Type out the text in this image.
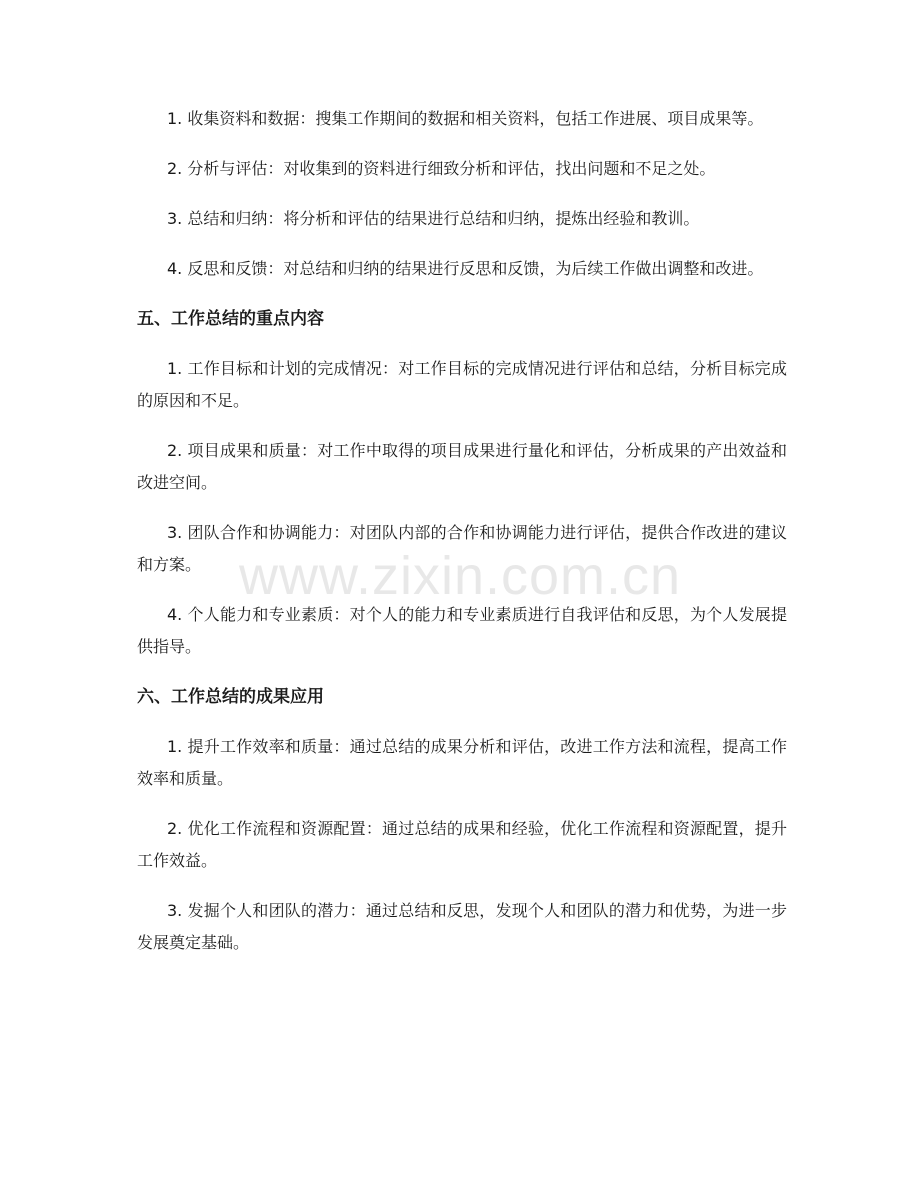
1. 收集资料和数据：搜集工作期间的数据和相关资料，包括工作进展、项目成果等。

2. 分析与评估：对收集到的资料进行细致分析和评估，找出问题和不足之处。

3. 总结和归纳：将分析和评估的结果进行总结和归纳，提炼出经验和教训。

4. 反思和反馈：对总结和归纳的结果进行反思和反馈，为后续工作做出调整和改进。

五、工作总结的重点内容

1. 工作目标和计划的完成情况：对工作目标的完成情况进行评估和总结，分析目标完成的原因和不足。

2. 项目成果和质量：对工作中取得的项目成果进行量化和评估，分析成果的产出效益和改进空间。

3. 团队合作和协调能力：对团队内部的合作和协调能力进行评估，提供合作改进的建议和方案。

4. 个人能力和专业素质：对个人的能力和专业素质进行自我评估和反思，为个人发展提供指导。

六、工作总结的成果应用

1. 提升工作效率和质量：通过总结的成果分析和评估，改进工作方法和流程，提高工作效率和质量。

2. 优化工作流程和资源配置：通过总结的成果和经验，优化工作流程和资源配置，提升工作效益。

3. 发掘个人和团队的潜力：通过总结和反思，发现个人和团队的潜力和优势，为进一步发展奠定基础。

www.zixin.com.cn
